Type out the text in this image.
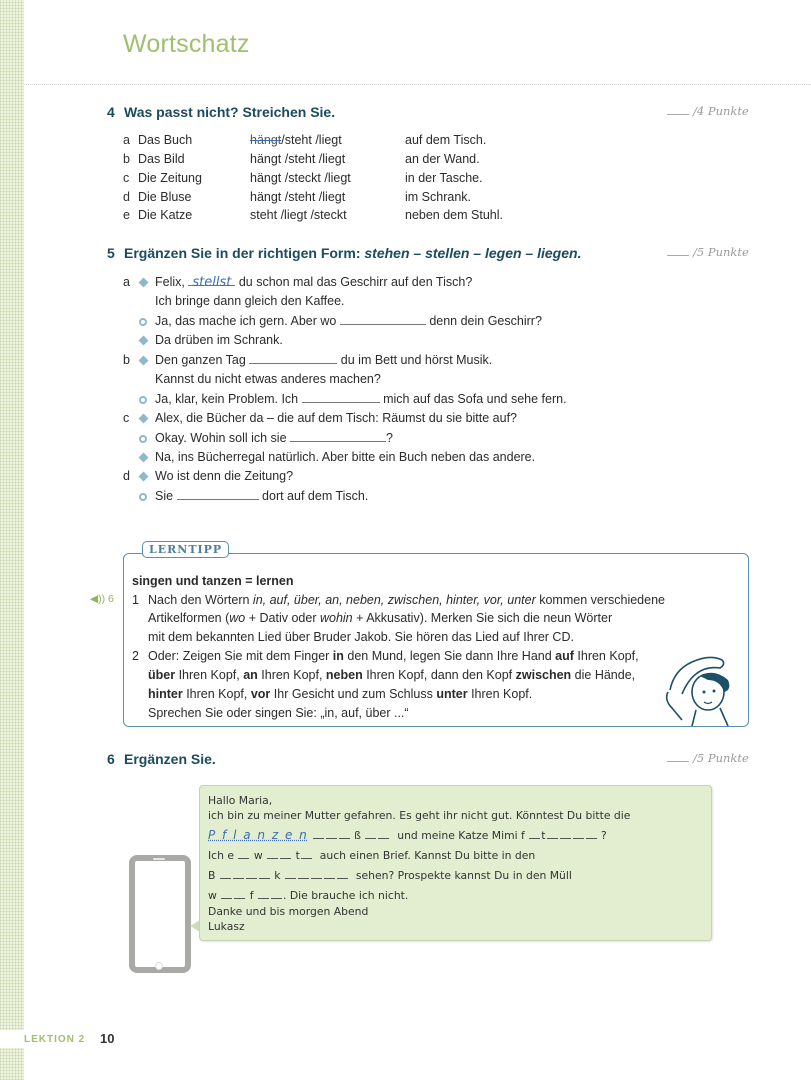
Wortschatz
4 Was passt nicht? Streichen Sie.	/4 Punkte
a Das Buch	hängt/steht /liegt	auf dem Tisch.
b Das Bild	hängt /steht /liegt	an der Wand.
c Die Zeitung	hängt /steckt /liegt	in der Tasche.
d Die Bluse	hängt /steht /liegt	im Schrank.
e Die Katze	steht /liegt /steckt	neben dem Stuhl.
5 Ergänzen Sie in der richtigen Form: stehen – stellen – legen – liegen.	/5 Punkte
a	Felix, stellst du schon mal das Geschirr auf den Tisch?
Ich bringe dann gleich den Kaffee.
Ja, das mache ich gern. Aber wo	denn dein Geschirr?
Da drüben im Schrank.
b	Den ganzen Tag	du im Bett und hörst Musik.
Kannst du nicht etwas anderes machen?
Ja, klar, kein Problem. Ich	mich auf das Sofa und sehe fern.
c	Alex, die Bücher da – die auf dem Tisch: Räumst du sie bitte auf?
Okay. Wohin soll ich sie	?
Na, ins Bücherregal natürlich. Aber bitte ein Buch neben das andere.
d	Wo ist denn die Zeitung?
Sie	dort auf dem Tisch.
LERNTIPP
◀)) 6
singen und tanzen = lernen
1 Nach den Wörtern in, auf, über, an, neben, zwischen, hinter, vor, unter kommen verschiedene
Artikelformen (wo + Dativ oder wohin + Akkusativ). Merken Sie sich die neun Wörter
mit dem bekannten Lied über Bruder Jakob. Sie hören das Lied auf Ihrer CD.
2 Oder: Zeigen Sie mit dem Finger in den Mund, legen Sie dann Ihre Hand auf Ihren Kopf,
über Ihren Kopf, an Ihren Kopf, neben Ihren Kopf, dann den Kopf zwischen die Hände,
hinter Ihren Kopf, vor Ihr Gesicht und zum Schluss unter Ihren Kopf.
Sprechen Sie oder singen Sie: „in, auf, über ...“
6 Ergänzen Sie.	/5 Punkte
Hallo Maria,
ich bin zu meiner Mutter gefahren. Es geht ihr nicht gut. Könntest Du bitte die
P f l a n z e n	ß	und meine Katze Mimi f t	?
Ich e w	t auch einen Brief. Kannst Du bitte in den
B	k	sehen? Prospekte kannst Du in den Müll
w	f	. Die brauche ich nicht.
Danke und bis morgen Abend
Lukasz
LEKTION 2 10
